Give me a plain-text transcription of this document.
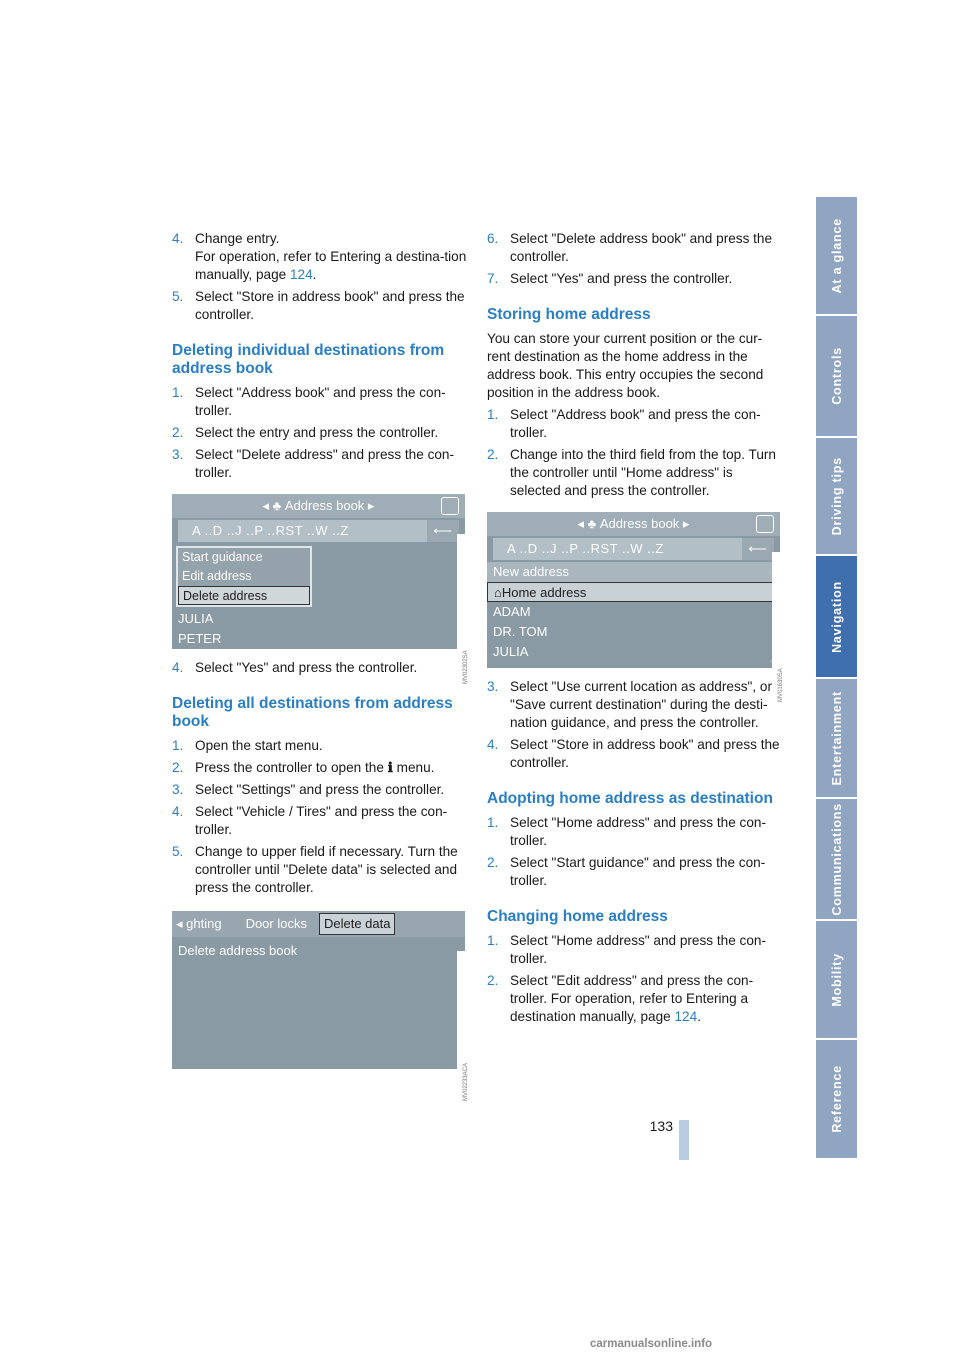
4. Change entry.
For operation, refer to Entering a destina-tion manually, page 124.
5. Select "Store in address book" and press the controller.
Deleting individual destinations from address book
1. Select "Address book" and press the con-troller.
2. Select the entry and press the controller.
3. Select "Delete address" and press the con-troller.
◂ ♣ Address book ▸
A ..D ..J ..P ..RST ..W ..Z	⟵
Start guidance
Edit address
Delete address
JULIA
PETER
MV02302SA
4. Select "Yes" and press the controller.
Deleting all destinations from address book
1. Open the start menu.
2. Press the controller to open the ℹ menu.
3. Select "Settings" and press the controller.
4. Select "Vehicle / Tires" and press the con-troller.
5. Change to upper field if necessary. Turn the controller until "Delete data" is selected and press the controller.
◂ ghting	Door locks	Delete data
Delete address book
MV02233ACA
6. Select "Delete address book" and press the controller.
7. Select "Yes" and press the controller.
Storing home address

You can store your current position or the cur-rent destination as the home address in the address book. This entry occupies the second position in the address book.

1. Select "Address book" and press the con-troller.
2. Change into the third field from the top. Turn the controller until "Home address" is selected and press the controller.
◂ ♣ Address book ▸
A ..D ..J ..P ..RST ..W ..Z	⟵
New address
⌂Home address
ADAM
DR. TOM
JULIA
MV01630SA
3. Select "Use current location as address", or "Save current destination" during the desti-nation guidance, and press the controller.
4. Select "Store in address book" and press the controller.
Adopting home address as destination
1. Select "Home address" and press the con-troller.
2. Select "Start guidance" and press the con-troller.
Changing home address
1. Select "Home address" and press the con-troller.
2. Select "Edit address" and press the con-troller. For operation, refer to Entering a destination manually, page 124.
At a glance
Controls
Driving tips
Navigation
Entertainment
Communications
Mobility
Reference
133
carmanualsonline.info
